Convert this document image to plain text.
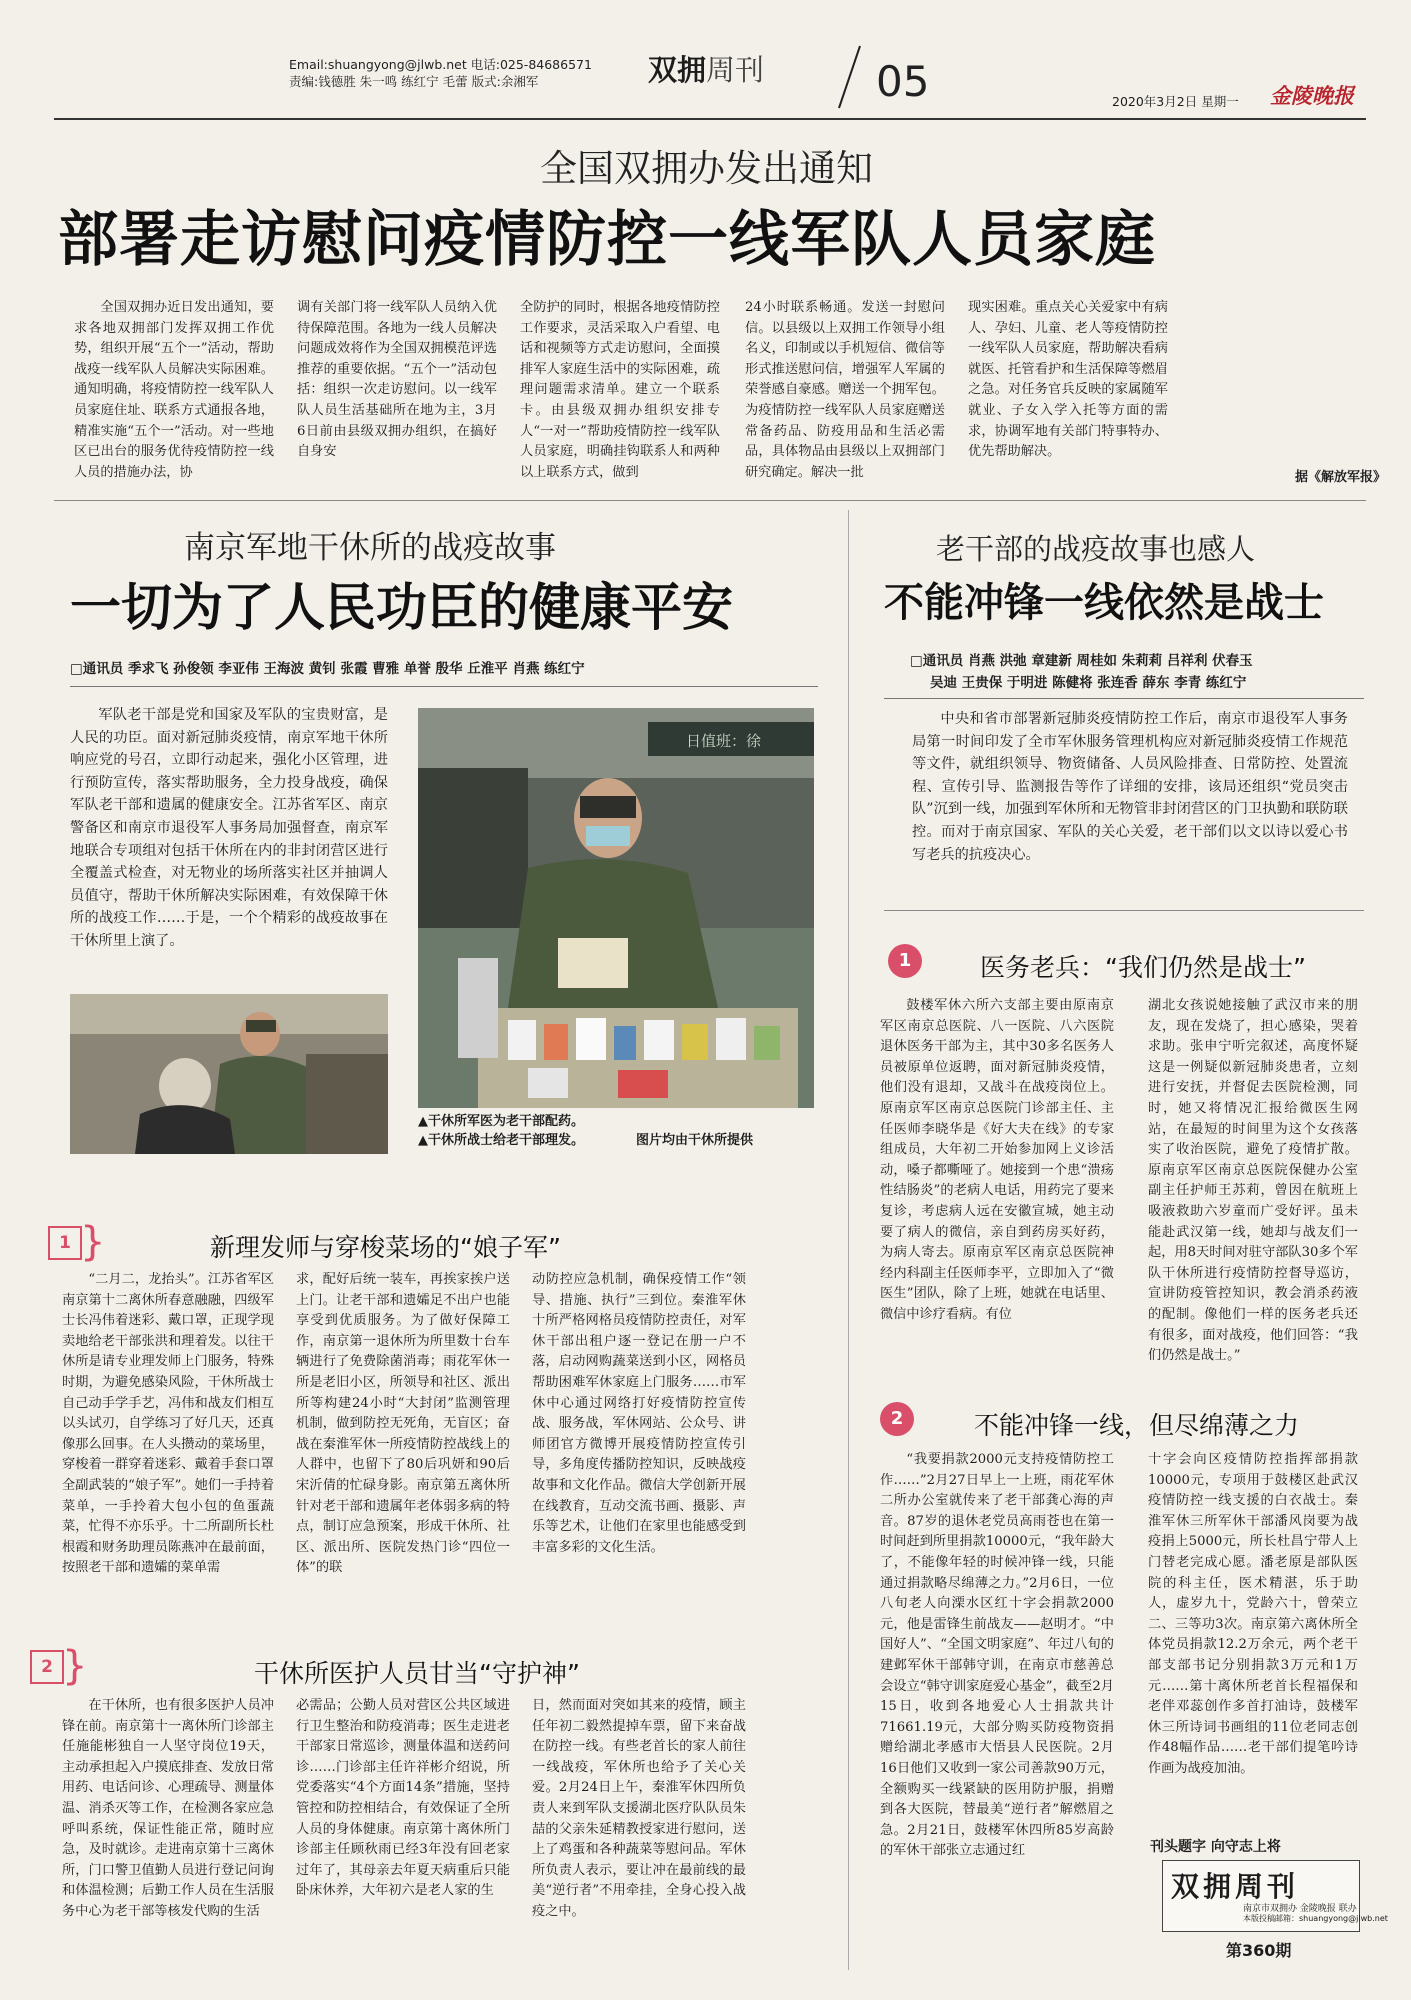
Email:shuangyong@jlwb.net 电话:025-84686571
责编:钱德胜 朱一鸣 练红宁 毛蕾 版式:余湘军	双拥周刊	05	2020年3月2日 星期一 金陵晚报
全国双拥办发出通知
部署走访慰问疫情防控一线军队人员家庭

全国双拥办近日发出通知，要求各地双拥部门发挥双拥工作优势，组织开展“五个一”活动，帮助战疫一线军队人员解决实际困难。通知明确，将疫情防控一线军队人员家庭住址、联系方式通报各地，精准实施“五个一”活动。对一些地区已出台的服务优待疫情防控一线人员的措施办法，协

调有关部门将一线军队人员纳入优待保障范围。各地为一线人员解决问题成效将作为全国双拥模范评选推荐的重要依据。“五个一”活动包括：组织一次走访慰问。以一线军队人员生活基础所在地为主，3月6日前由县级双拥办组织，在搞好自身安

全防护的同时，根据各地疫情防控工作要求，灵活采取入户看望、电话和视频等方式走访慰问，全面摸排军人家庭生活中的实际困难，疏理问题需求清单。建立一个联系卡。由县级双拥办组织安排专人“一对一”帮助疫情防控一线军队人员家庭，明确挂钩联系人和两种以上联系方式，做到

24小时联系畅通。发送一封慰问信。以县级以上双拥工作领导小组名义，印制或以手机短信、微信等形式推送慰问信，增强军人军属的荣誉感自豪感。赠送一个拥军包。为疫情防控一线军队人员家庭赠送常备药品、防疫用品和生活必需品，具体物品由县级以上双拥部门研究确定。解决一批

现实困难。重点关心关爱家中有病人、孕妇、儿童、老人等疫情防控一线军队人员家庭，帮助解决看病就医、托管看护和生活保障等燃眉之急。对任务官兵反映的家属随军就业、子女入学入托等方面的需求，协调军地有关部门特事特办、优先帮助解决。

据《解放军报》
南京军地干休所的战疫故事
一切为了人民功臣的健康平安
□通讯员 季求飞 孙俊领 李亚伟 王海波 黄钊 张霞 曹雅 单誉 殷华 丘淮平 肖燕 练红宁

军队老干部是党和国家及军队的宝贵财富，是人民的功臣。面对新冠肺炎疫情，南京军地干休所响应党的号召，立即行动起来，强化小区管理，进行预防宣传，落实帮助服务，全力投身战疫，确保军队老干部和遗属的健康安全。江苏省军区、南京警备区和南京市退役军人事务局加强督查，南京军地联合专项组对包括干休所在内的非封闭营区进行全覆盖式检查，对无物业的场所落实社区并抽调人员值守，帮助干休所解决实际困难，有效保障干休所的战疫工作……于是，一个个精彩的战疫故事在干休所里上演了。

日值班：徐
▲干休所军医为老干部配药。
▲干休所战士给老干部理发。	图片均由干休所提供
1 }	新理发师与穿梭菜场的“娘子军”

“二月二，龙抬头”。江苏省军区南京第十二离休所春意融融，四级军士长冯伟着迷彩、戴口罩，正现学现卖地给老干部张洪和理着发。以往干休所是请专业理发师上门服务，特殊时期，为避免感染风险，干休所战士自己动手学手艺，冯伟和战友们相互以头试刃，自学练习了好几天，还真像那么回事。在人头攒动的菜场里，穿梭着一群穿着迷彩、戴着手套口罩全副武装的“娘子军”。她们一手持着菜单，一手拎着大包小包的鱼蛋蔬菜，忙得不亦乐乎。十二所副所长杜根霞和财务助理员陈燕冲在最前面，按照老干部和遗孀的菜单需

求，配好后统一装车，再挨家挨户送上门。让老干部和遗孀足不出户也能享受到优质服务。为了做好保障工作，南京第一退休所为所里数十台车辆进行了免费除菌消毒；雨花军休一所是老旧小区，所领导和社区、派出所等构建24小时“大封闭”监测管理机制，做到防控无死角，无盲区；奋战在秦淮军休一所疫情防控战线上的人群中，也留下了80后巩妍和90后宋沂倩的忙碌身影。南京第五离休所针对老干部和遗属年老体弱多病的特点，制订应急预案，形成干休所、社区、派出所、医院发热门诊“四位一体”的联

动防控应急机制，确保疫情工作“领导、措施、执行”三到位。秦淮军休十所严格网格员疫情防控责任，对军休干部出租户逐一登记在册一户不落，启动网购蔬菜送到小区，网格员帮助困难军休家庭上门服务……市军休中心通过网络打好疫情防控宣传战、服务战，军休网站、公众号、讲师团官方微博开展疫情防控宣传引导，多角度传播防控知识，反映战疫故事和文化作品。微信大学创新开展在线教育，互动交流书画、摄影、声乐等艺术，让他们在家里也能感受到丰富多彩的文化生活。

2 }	干休所医护人员甘当“守护神”

在干休所，也有很多医护人员冲锋在前。南京第十一离休所门诊部主任施能彬独自一人坚守岗位19天，主动承担起入户摸底排查、发放日常用药、电话问诊、心理疏导、测量体温、消杀灭等工作，在检测各家应急呼叫系统，保证性能正常，随时应急，及时就诊。走进南京第十三离休所，门口警卫值勤人员进行登记问询和体温检测；后勤工作人员在生活服务中心为老干部等核发代购的生活

必需品；公勤人员对营区公共区域进行卫生整治和防疫消毒；医生走进老干部家日常巡诊，测量体温和送药问诊……门诊部主任许祥彬介绍说，所党委落实“4个方面14条”措施，坚持管控和防控相结合，有效保证了全所人员的身体健康。南京第十离休所门诊部主任顾秋雨已经3年没有回老家过年了，其母亲去年夏天病重后只能卧床休养，大年初六是老人家的生

日，然而面对突如其来的疫情，顾主任年初二毅然提掉车票，留下来奋战在防控一线。有些老首长的家人前往一线战疫，军休所也给予了关心关爱。2月24日上午，秦淮军休四所负责人来到军队支援湖北医疗队队员朱喆的父亲朱延精教授家进行慰问，送上了鸡蛋和各种蔬菜等慰问品。军休所负责人表示，要让冲在最前线的最美“逆行者”不用牵挂，全身心投入战疫之中。

老干部的战疫故事也感人
不能冲锋一线依然是战士
□通讯员 肖燕 洪弛 章建新 周桂如 朱莉莉 吕祥利 伏春玉
吴迪 王贵保 于明进 陈健将 张连香 薛东 李青 练红宁

中央和省市部署新冠肺炎疫情防控工作后，南京市退役军人事务局第一时间印发了全市军休服务管理机构应对新冠肺炎疫情工作规范等文件，就组织领导、物资储备、人员风险排查、日常防控、处置流程、宣传引导、监测报告等作了详细的安排，该局还组织“党员突击队”沉到一线，加强到军休所和无物管非封闭营区的门卫执勤和联防联控。而对于南京国家、军队的关心关爱，老干部们以文以诗以爱心书写老兵的抗疫决心。

1	医务老兵：“我们仍然是战士”

鼓楼军休六所六支部主要由原南京军区南京总医院、八一医院、八六医院退休医务干部为主，其中30多名医务人员被原单位返聘，面对新冠肺炎疫情，他们没有退却，又战斗在战疫岗位上。原南京军区南京总医院门诊部主任、主任医师李晓华是《好大夫在线》的专家组成员，大年初二开始参加网上义诊活动，嗓子都嘶哑了。她接到一个患“溃疡性结肠炎”的老病人电话，用药完了要来复诊，考虑病人远在安徽宣城，她主动要了病人的微信，亲自到药房买好药，为病人寄去。原南京军区南京总医院神经内科副主任医师李平，立即加入了“微医生”团队，除了上班，她就在电话里、微信中诊疗看病。有位

湖北女孩说她接触了武汉市来的朋友，现在发烧了，担心感染，哭着求助。张申宁听完叙述，高度怀疑这是一例疑似新冠肺炎患者，立刻进行安抚，并督促去医院检测，同时，她又将情况汇报给微医生网站，在最短的时间里为这个女孩落实了收治医院，避免了疫情扩散。原南京军区南京总医院保健办公室副主任护师王苏莉，曾因在航班上吸液救助六岁童而广受好评。虽未能赴武汉第一线，她却与战友们一起，用8天时间对驻守部队30多个军队干休所进行疫情防控督导巡访，宣讲防疫管控知识，教会消杀药液的配制。像他们一样的医务老兵还有很多，面对战疫，他们回答：“我们仍然是战士。”

2	不能冲锋一线，但尽绵薄之力

“我要捐款2000元支持疫情防控工作……”2月27日早上一上班，雨花军休二所办公室就传来了老干部龚心海的声音。87岁的退休老党员高雨苍也在第一时间赶到所里捐款10000元，“我年龄大了，不能像年轻的时候冲锋一线，只能通过捐款略尽绵薄之力。”2月6日，一位八旬老人向溧水区红十字会捐款2000元，他是雷锋生前战友——赵明才。“中国好人”、“全国文明家庭”、年过八旬的建邺军休干部韩守训，在南京市慈善总会设立“韩守训家庭爱心基金”，截至2月15日，收到各地爱心人士捐款共计71661.19元，大部分购买防疫物资捐赠给湖北孝感市大悟县人民医院。2月16日他们又收到一家公司善款90万元，全额购买一线紧缺的医用防护服，捐赠到各大医院，替最美“逆行者”解燃眉之急。2月21日，鼓楼军休四所85岁高龄的军休干部张立志通过红

十字会向区疫情防控指挥部捐款10000元，专项用于鼓楼区赴武汉疫情防控一线支援的白衣战士。秦淮军休三所军休干部潘风岗要为战疫捐上5000元，所长杜昌宁带人上门替老完成心愿。潘老原是部队医院的科主任，医术精湛，乐于助人，虚岁九十，党龄六十，曾荣立二、三等功3次。南京第六离休所全体党员捐款12.2万余元，两个老干部支部书记分别捐款3万元和1万元……第十离休所老首长程福保和老伴邓蕊创作多首打油诗，鼓楼军休三所诗词书画组的11位老同志创作48幅作品……老干部们提笔吟诗作画为战疫加油。

刊头题字 向守志上将
双拥周刊
南京市双拥办 金陵晚报 联办
本版投稿邮箱：shuangyong@jlwb.net
第360期
